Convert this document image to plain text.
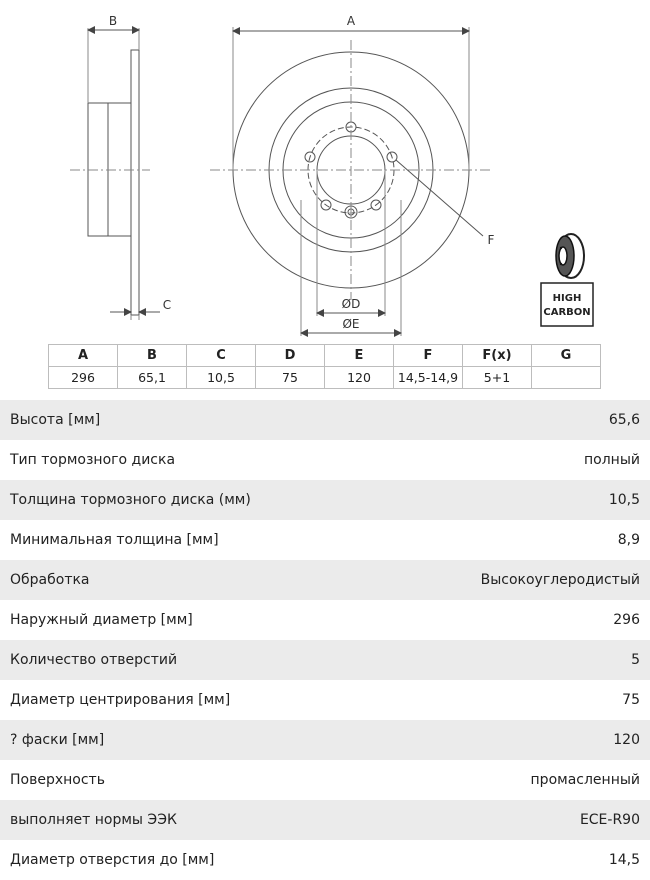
B
C
A
ØD
ØE
F
HIGH
CARBON
A	B	C	D	E	F	F(x)	G
296	65,1	10,5	75	120	14,5-14,9	5+1	
Высота [мм]	65,6
Тип тормозного диска	полный
Толщина тормозного диска (мм)	10,5
Минимальная толщина [мм]	8,9
Обработка	Высокоуглеродистый
Наружный диаметр [мм]	296
Количество отверстий	5
Диаметр центрирования [мм]	75
? фаски [мм]	120
Поверхность	промасленный
выполняет нормы ЭЭК	ECE-R90
Диаметр отверстия до [мм]	14,5
